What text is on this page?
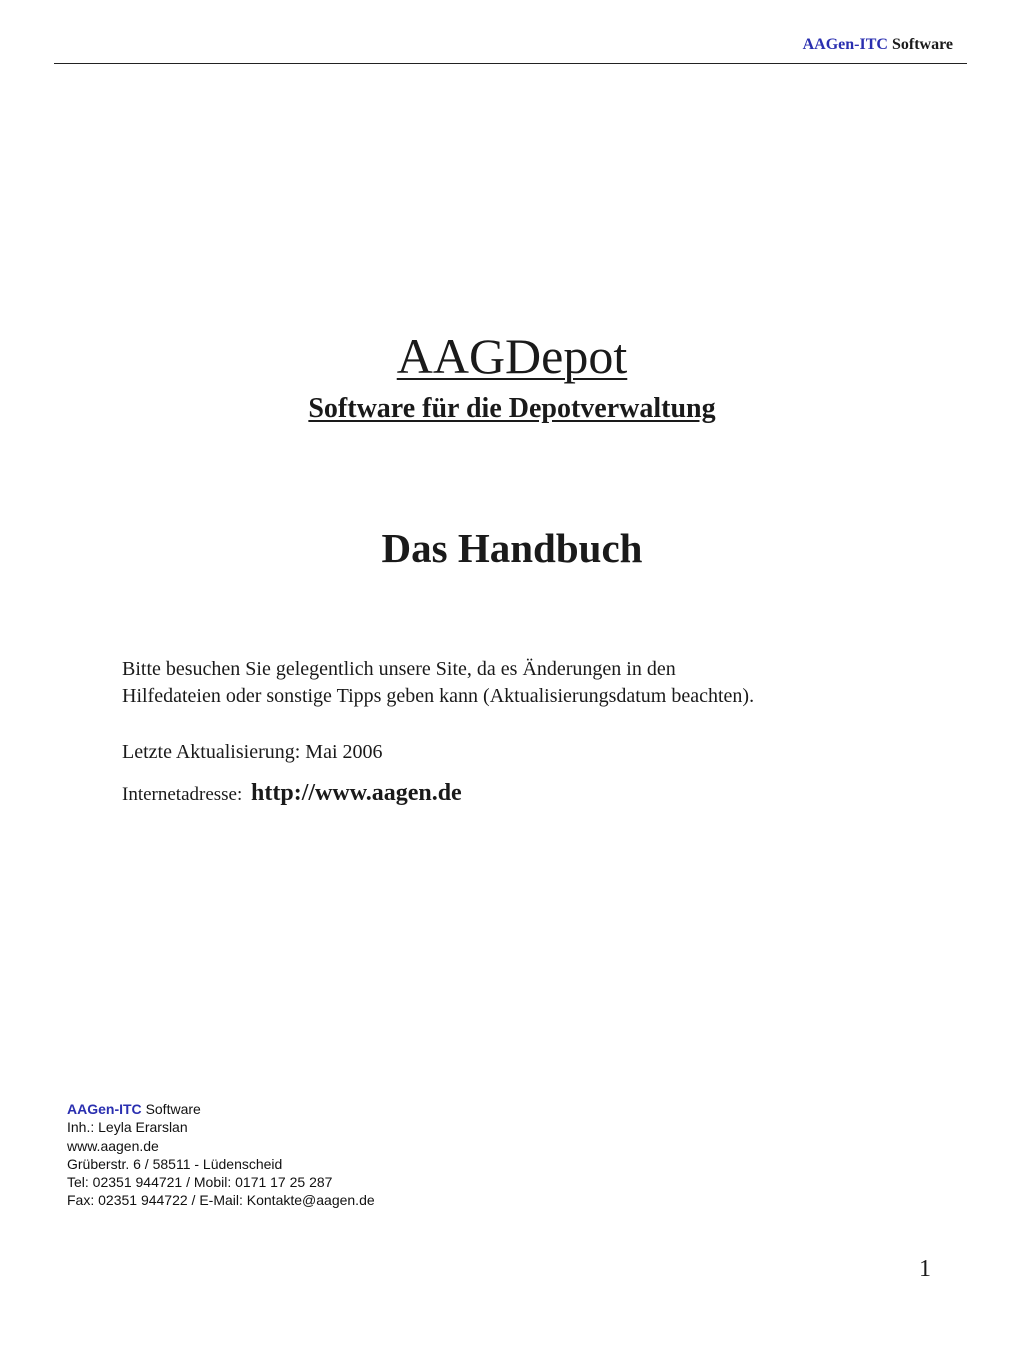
AAGen-ITC Software
AAGDepot
Software für die Depotverwaltung
Das Handbuch

Bitte besuchen Sie gelegentlich unsere Site, da es Änderungen in den
Hilfedateien oder sonstige Tipps geben kann (Aktualisierungsdatum beachten).

Letzte Aktualisierung: Mai 2006
Internetadresse: http://www.aagen.de
AAGen-ITC Software
Inh.: Leyla Erarslan
www.aagen.de
Grüberstr. 6 / 58511 - Lüdenscheid
Tel: 02351 944721 / Mobil: 0171 17 25 287
Fax: 02351 944722 / E-Mail: Kontakte@aagen.de
1
